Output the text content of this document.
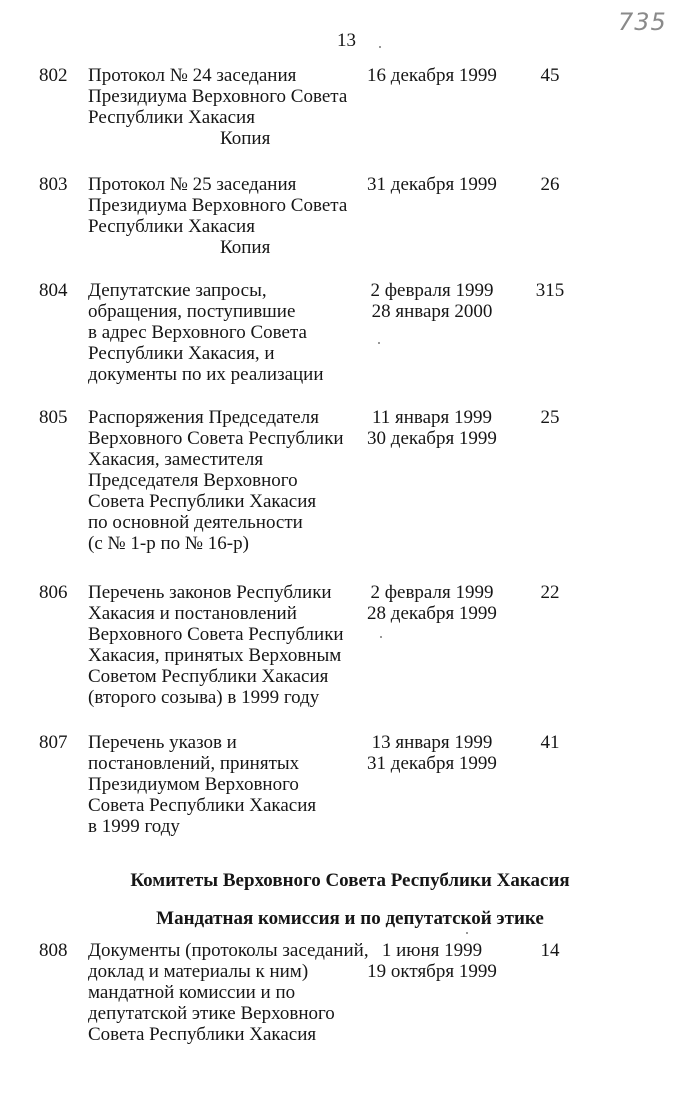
13
735
802 Протокол № 24 заседания
Президиума Верховного Совета
Республики Хакасия
Копия
16 декабря 1999	45
803 Протокол № 25 заседания
Президиума Верховного Совета
Республики Хакасия
Копия
31 декабря 1999	26
804 Депутатские запросы,
обращения, поступившие
в адрес Верховного Совета
Республики Хакасия, и
документы по их реализации
2 февраля 1999
28 января 2000
315
805 Распоряжения Председателя
Верховного Совета Республики
Хакасия, заместителя
Председателя Верховного
Совета Республики Хакасия
по основной деятельности
(с № 1-р по № 16-р)
11 января 1999
30 декабря 1999
25
806 Перечень законов Республики
Хакасия и постановлений
Верховного Совета Республики
Хакасия, принятых Верховным
Советом Республики Хакасия
(второго созыва) в 1999 году
2 февраля 1999
28 декабря 1999
22
807 Перечень указов и
постановлений, принятых
Президиумом Верховного
Совета Республики Хакасия
в 1999 году
13 января 1999
31 декабря 1999
41
808 Документы (протоколы заседаний,
доклад и материалы к ним)
мандатной комиссии и по
депутатской этике Верховного
Совета Республики Хакасия
1 июня 1999
19 октября 1999
14
Комитеты Верховного Совета Республики Хакасия
Мандатная комиссия и по депутатской этике
